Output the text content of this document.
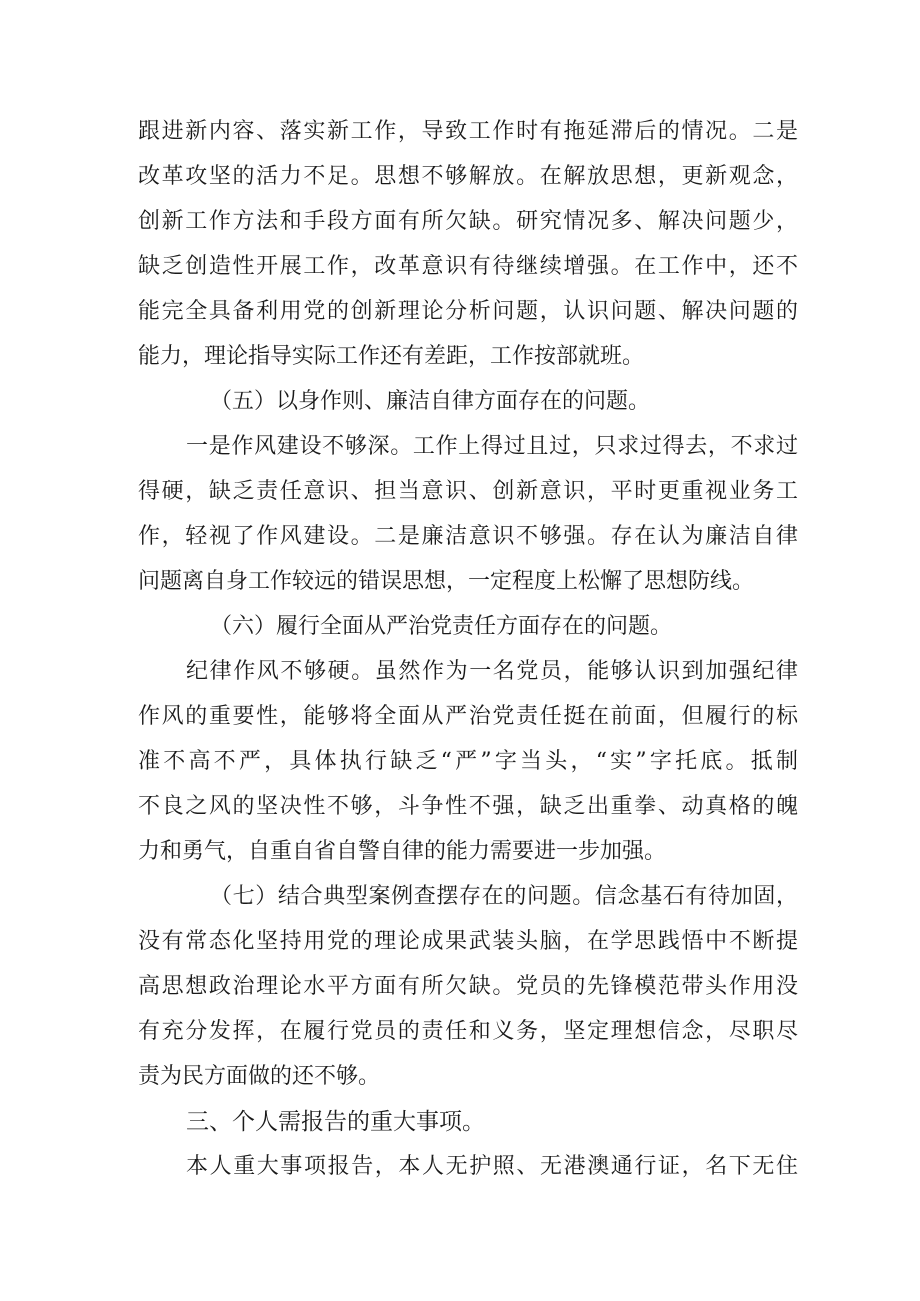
跟进新内容、落实新工作，导致工作时有拖延滞后的情况。二是
改革攻坚的活力不足。思想不够解放。在解放思想，更新观念，
创新工作方法和手段方面有所欠缺。研究情况多、解决问题少，
缺乏创造性开展工作，改革意识有待继续增强。在工作中，还不
能完全具备利用党的创新理论分析问题，认识问题、解决问题的
能力，理论指导实际工作还有差距，工作按部就班。
（五）以身作则、廉洁自律方面存在的问题。
一是作风建设不够深。工作上得过且过，只求过得去，不求过
得硬，缺乏责任意识、担当意识、创新意识，平时更重视业务工
作，轻视了作风建设。二是廉洁意识不够强。存在认为廉洁自律
问题离自身工作较远的错误思想，一定程度上松懈了思想防线。
（六）履行全面从严治党责任方面存在的问题。
纪律作风不够硬。虽然作为一名党员，能够认识到加强纪律
作风的重要性，能够将全面从严治党责任挺在前面，但履行的标
准不高不严，具体执行缺乏“严”字当头，“实”字托底。抵制
不良之风的坚决性不够，斗争性不强，缺乏出重拳、动真格的魄
力和勇气，自重自省自警自律的能力需要进一步加强。
（七）结合典型案例查摆存在的问题。信念基石有待加固，
没有常态化坚持用党的理论成果武装头脑，在学思践悟中不断提
高思想政治理论水平方面有所欠缺。党员的先锋模范带头作用没
有充分发挥，在履行党员的责任和义务，坚定理想信念，尽职尽
责为民方面做的还不够。
三、个人需报告的重大事项。
本人重大事项报告，本人无护照、无港澳通行证，名下无住
